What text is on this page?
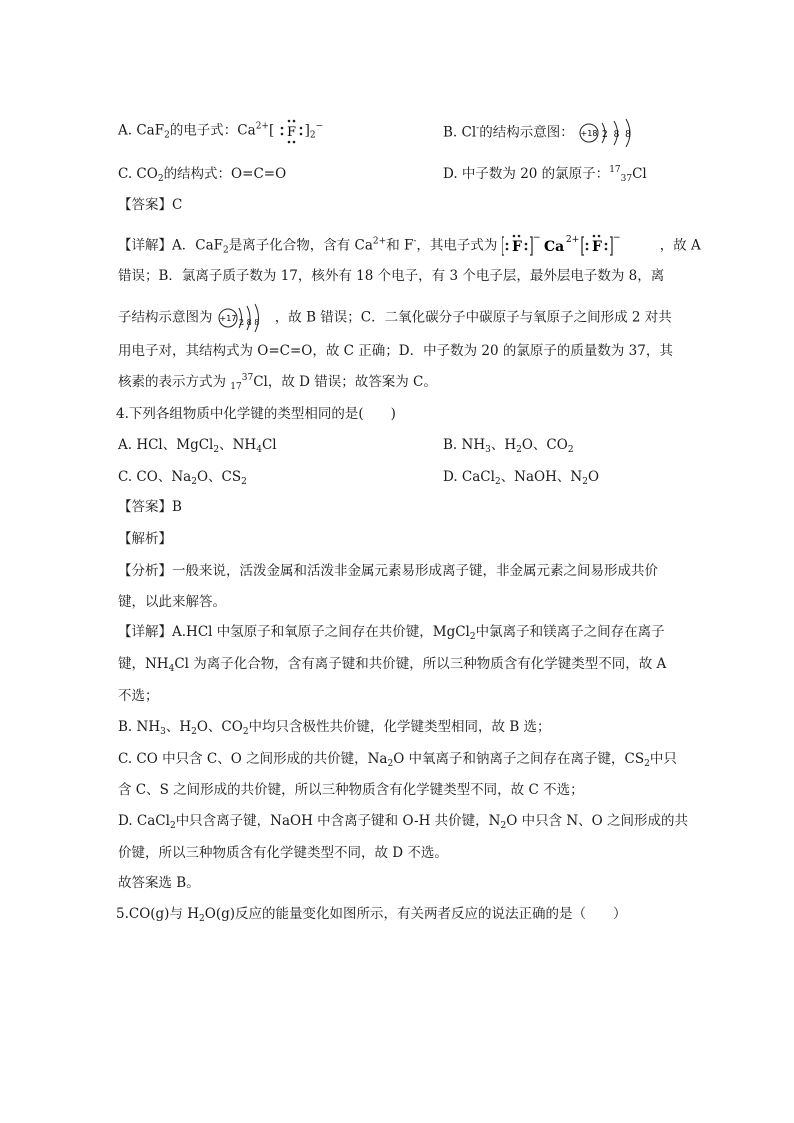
A. CaF$_2$的电子式：$Ca^{2+}$[ F ]$_2^-$	B. Cl-的结构示意图： +18 2 8 8
C. $CO_2$的结构式：O=C=O	D. 中子数为 20 的氯原子：$^{17}_{37}$Cl
【答案】C
【详解】A．CaF$_2$是离子化合物，含有 $Ca^{2+}$和 F-，其电子式为 F
−
Ca 2+ F
−	，故 A
错误；B．氯离子质子数为 17，核外有 18 个电子，有 3 个电子层，最外层电子数为 8，离
子结构示意图为 +17 2 8 8 ，故 B 错误；C．二氧化碳分子中碳原子与氧原子之间形成 2 对共
用电子对，其结构式为 O=C=O，故 C 正确；D．中子数为 20 的氯原子的质量数为 37，其
核素的表示方式为 $_{17}^{37}$Cl，故 D 错误；故答案为 C。
4.下列各组物质中化学键的类型相同的是(　　)
A. HCl、MgCl$_2$、$NH_4Cl$	B. $NH_3$、$H_2O$、$CO_2$
C. CO、$Na_2O$、$CS_2$	D. CaCl$_2$、NaOH、$N_2O$
【答案】B
【解析】
【分析】一般来说，活泼金属和活泼非金属元素易形成离子键，非金属元素之间易形成共价
键，以此来解答。
【详解】A.HCl 中氢原子和氧原子之间存在共价键，MgCl$_2$中氯离子和镁离子之间存在离子
键，$NH_4Cl$ 为离子化合物，含有离子键和共价键，所以三种物质含有化学键类型不同，故 A
不选；
B. $NH_3$、$H_2O$、$CO_2$中均只含极性共价键，化学键类型相同，故 B 选；
C. CO 中只含 C、O 之间形成的共价键，$Na_2O$ 中氧离子和钠离子之间存在离子键，$CS_2$中只
含 C、S 之间形成的共价键，所以三种物质含有化学键类型不同，故 C 不选；
D. CaCl$_2$中只含离子键，NaOH 中含离子键和 O-H 共价键，$N_2O$ 中只含 N、O 之间形成的共
价键，所以三种物质含有化学键类型不同，故 D 不选。
故答案选 B。
5.CO(g)与 $H_2O(g)$反应的能量变化如图所示，有关两者反应的说法正确的是（　　）
